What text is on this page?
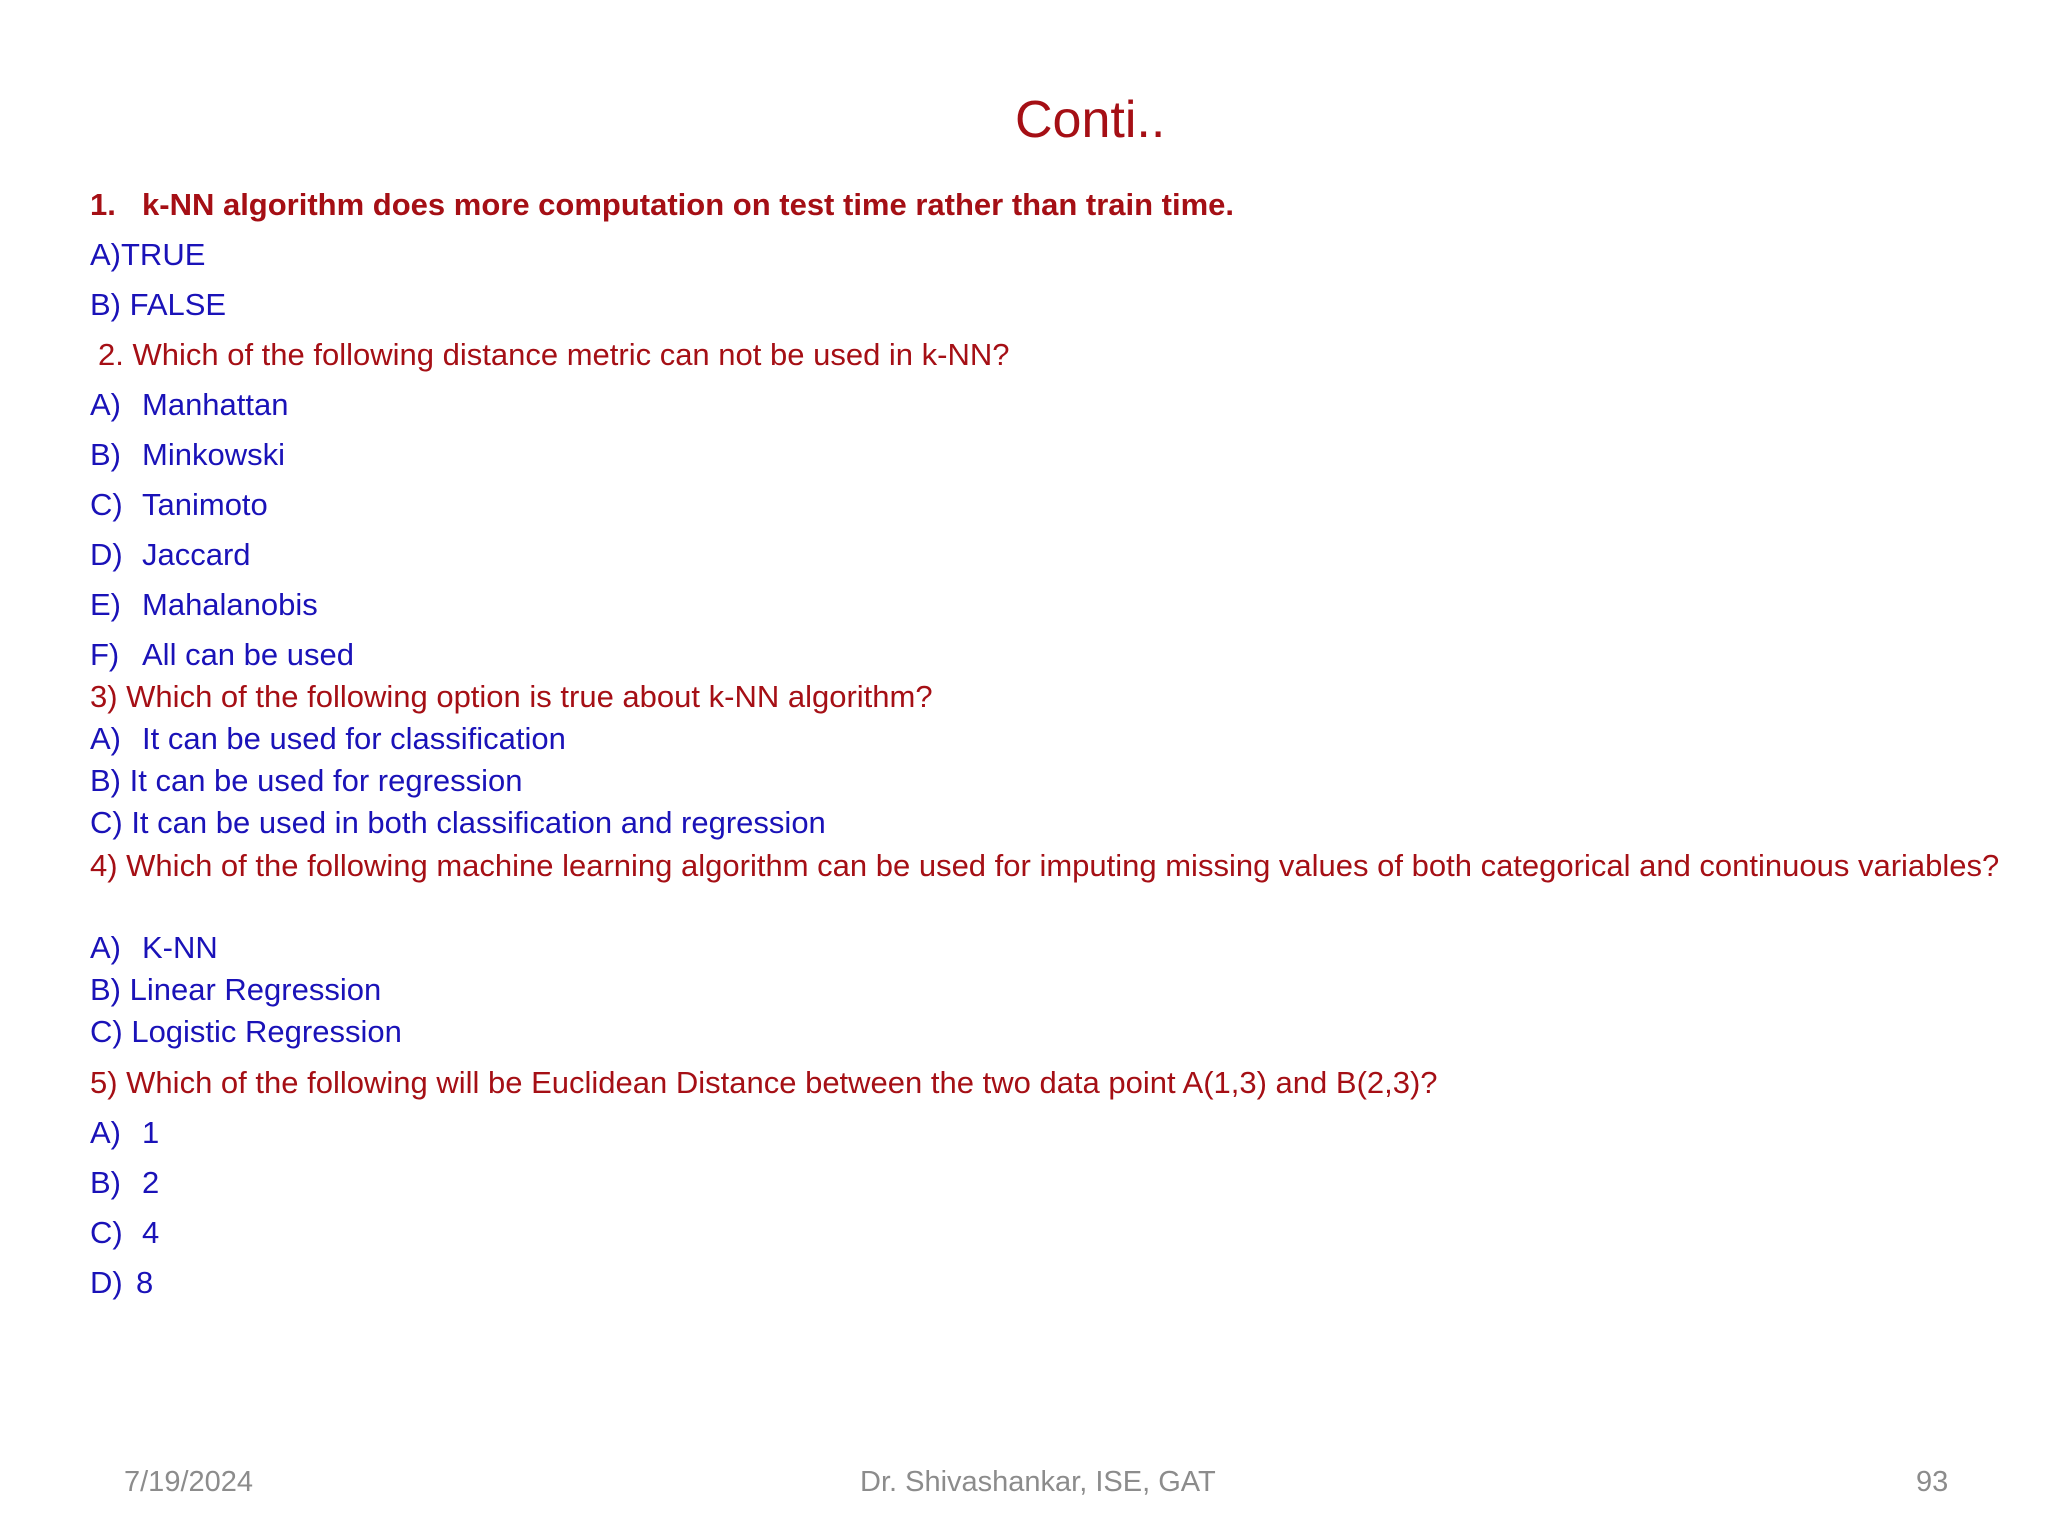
Conti..
1. k-NN algorithm does more computation on test time rather than train time.
A)TRUE
B) FALSE
2. Which of the following distance metric can not be used in k-NN?
A) Manhattan
B) Minkowski
C) Tanimoto
D) Jaccard
E) Mahalanobis
F) All can be used
3) Which of the following option is true about k-NN algorithm?
A) It can be used for classification
B) It can be used for regression
C) It can be used in both classification and regression
4) Which of the following machine learning algorithm can be used for imputing missing values of both categorical and continuous variables?
A) K-NN
B) Linear Regression
C) Logistic Regression
5) Which of the following will be Euclidean Distance between the two data point A(1,3) and B(2,3)?
A) 1
B) 2
C) 4
D) 8
7/19/2024	Dr. Shivashankar, ISE, GAT	93
